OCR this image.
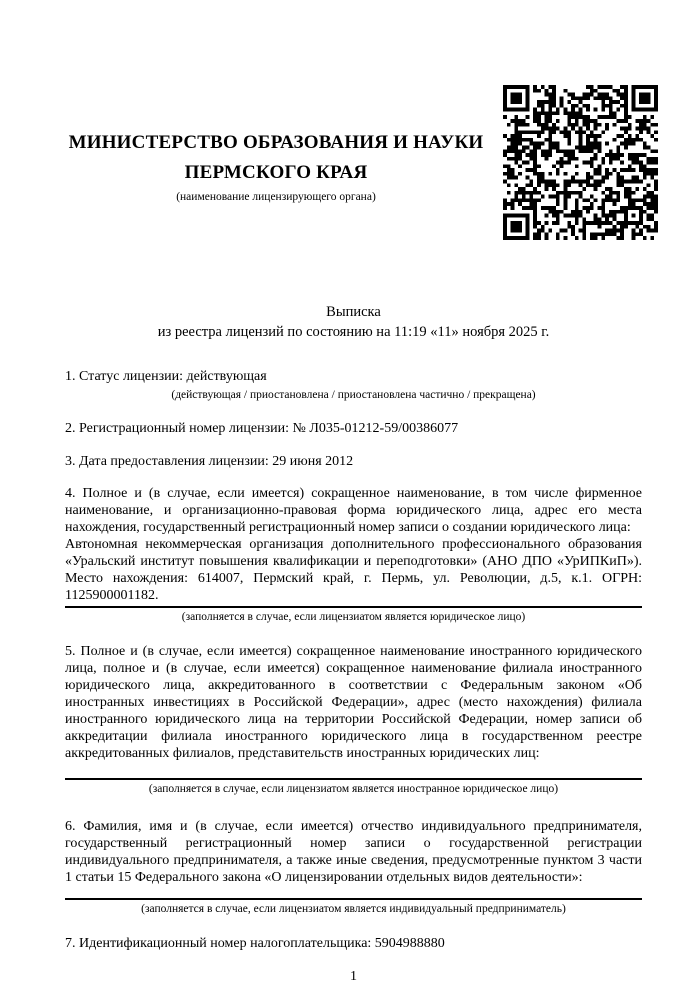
МИНИСТЕРСТВО ОБРАЗОВАНИЯ И НАУКИ ПЕРМСКОГО КРАЯ
(наименование лицензирующего органа)

Выписка

из реестра лицензий по состоянию на 11:19 «11» ноября 2025 г.

1. Статус лицензии: действующая

(действующая / приостановлена / приостановлена частично / прекращена)

2. Регистрационный номер лицензии: № Л035-01212-59/00386077

3. Дата предоставления лицензии: 29 июня 2012

4. Полное и (в случае, если имеется) сокращенное наименование, в том числе фирменное наименование, и организационно-правовая форма юридического лица, адрес его места нахождения, государственный регистрационный номер записи о создании юридического лица:

Автономная некоммерческая организация дополнительного профессионального образования «Уральский институт повышения квалификации и переподготовки» (АНО ДПО «УрИПКиП»). Место нахождения: 614007, Пермский край, г. Пермь, ул. Революции, д.5, к.1. ОГРН: 1125900001182.

(заполняется в случае, если лицензиатом является юридическое лицо)

5. Полное и (в случае, если имеется) сокращенное наименование иностранного юридического лица, полное и (в случае, если имеется) сокращенное наименование филиала иностранного юридического лица, аккредитованного в соответствии с Федеральным законом «Об иностранных инвестициях в Российской Федерации», адрес (место нахождения) филиала иностранного юридического лица на территории Российской Федерации, номер записи об аккредитации филиала иностранного юридического лица в государственном реестре аккредитованных филиалов, представительств иностранных юридических лиц:

(заполняется в случае, если лицензиатом является иностранное юридическое лицо)

6. Фамилия, имя и (в случае, если имеется) отчество индивидуального предпринимателя, государственный регистрационный номер записи о государственной регистрации индивидуального предпринимателя, а также иные сведения, предусмотренные пунктом 3 части 1 статьи 15 Федерального закона «О лицензировании отдельных видов деятельности»:

(заполняется в случае, если лицензиатом является индивидуальный предприниматель)

7. Идентификационный номер налогоплательщика: 5904988880

1
